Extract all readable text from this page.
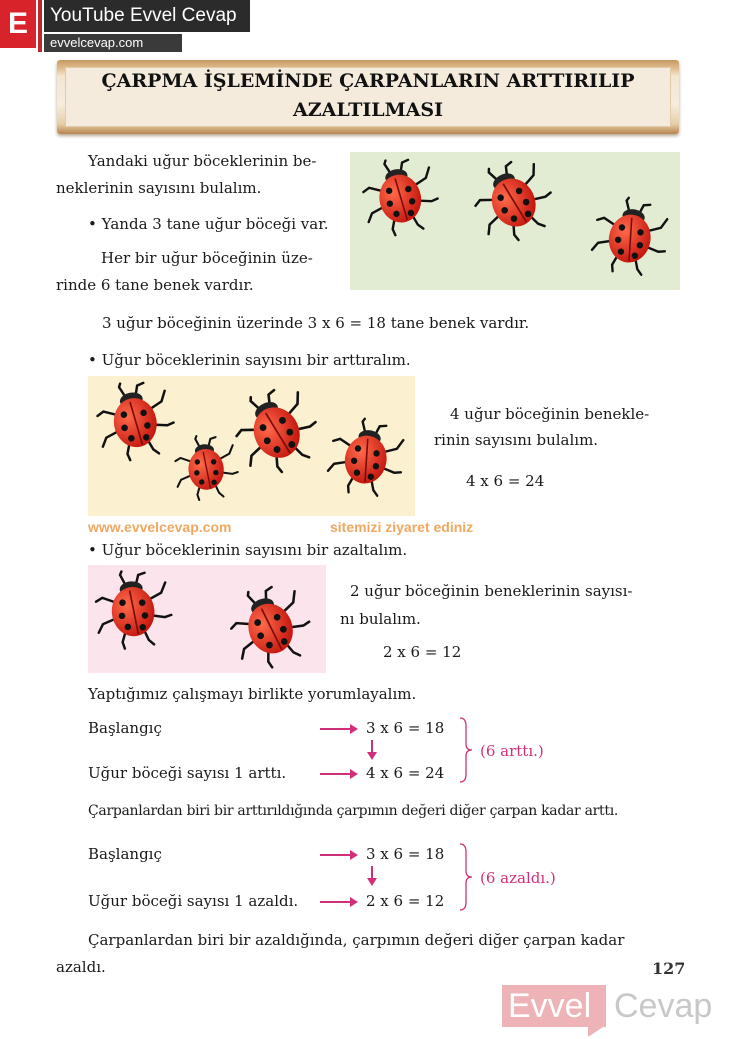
E	YouTube Evvel Cevap
evvelcevap.com
ÇARPMA İŞLEMİNDE ÇARPANLARIN ARTTIRILIP
AZALTILMASI
Yandaki uğur böceklerinin be-
neklerinin sayısını bulalım.
• Yanda 3 tane uğur böceği var.
Her bir uğur böceğinin üze-
rinde 6 tane benek vardır.
3 uğur böceğinin üzerinde 3 x 6 = 18 tane benek vardır.
• Uğur böceklerinin sayısını bir arttıralım.
4 uğur böceğinin benekle-
rinin sayısını bulalım.
4 x 6 = 24
www.evvelcevap.com	sitemizi ziyaret ediniz
• Uğur böceklerinin sayısını bir azaltalım.
2 uğur böceğinin beneklerinin sayısı-
nı bulalım.
2 x 6 = 12
Yaptığımız çalışmayı birlikte yorumlayalım.
Başlangıç	3 x 6 = 18
Uğur böceği sayısı 1 arttı.	4 x 6 = 24
(6 arttı.)
Çarpanlardan biri bir arttırıldığında çarpımın değeri diğer çarpan kadar arttı.
Başlangıç	3 x 6 = 18
Uğur böceği sayısı 1 azaldı.	2 x 6 = 12
(6 azaldı.)
Çarpanlardan biri bir azaldığında, çarpımın değeri diğer çarpan kadar
azaldı.	127
Evvel Cevap
